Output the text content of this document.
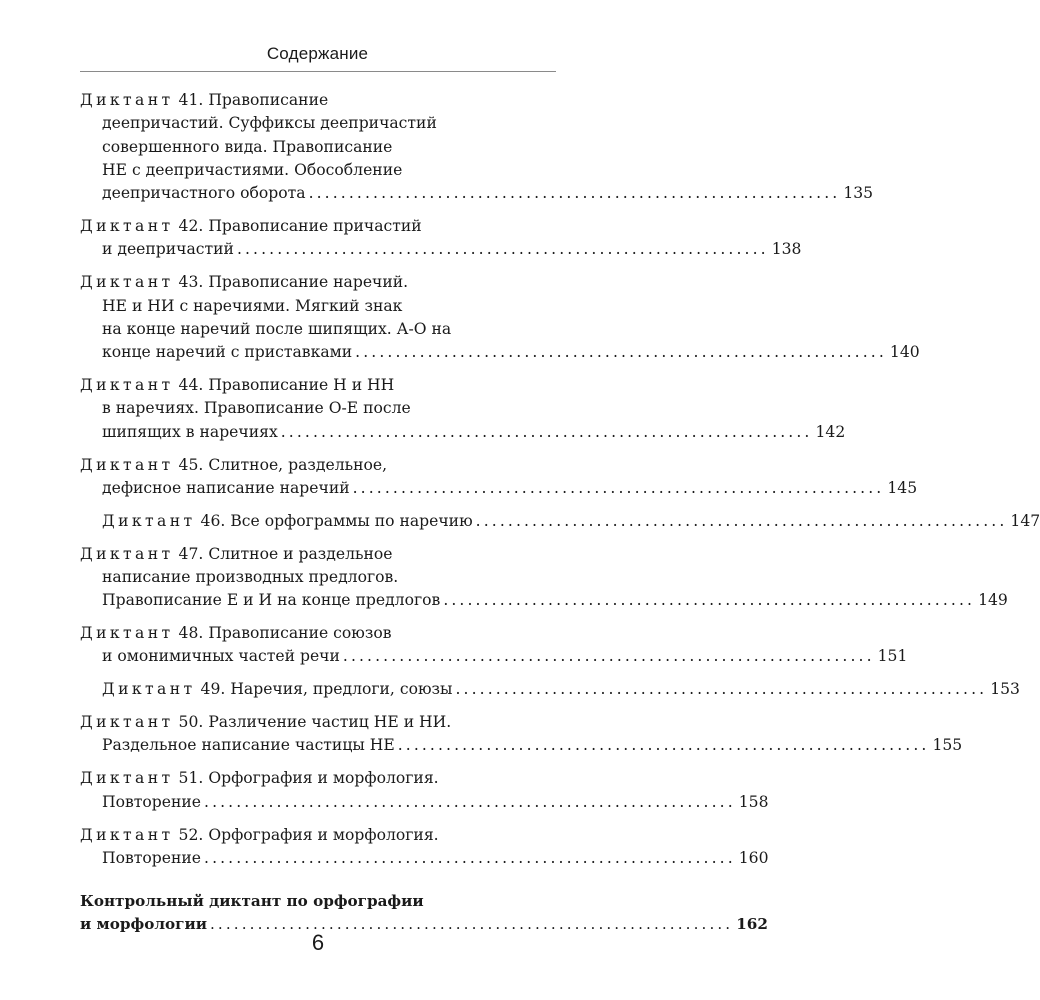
Содержание
Диктант 41. Правописание
деепричастий. Суффиксы деепричастий
совершенного вида. Правописание
НЕ с деепричастиями. Обособление
деепричастного оборота .................................................................. 135
Диктант 42. Правописание причастий
и деепричастий .................................................................. 138
Диктант 43. Правописание наречий.
НЕ и НИ с наречиями. Мягкий знак
на конце наречий после шипящих. А-О на
конце наречий с приставками .................................................................. 140
Диктант 44. Правописание Н и НН
в наречиях. Правописание О-Е после
шипящих в наречиях .................................................................. 142
Диктант 45. Слитное, раздельное,
дефисное написание наречий .................................................................. 145
Диктант
46.
Все орфограммы по наречию .................................................................. 147
Диктант 47. Слитное и раздельное
написание производных предлогов.
Правописание Е и И на конце предлогов .................................................................. 149
Диктант 48. Правописание союзов
и омонимичных частей речи .................................................................. 151
Диктант
49.
Наречия, предлоги, союзы .................................................................. 153
Диктант 50. Различение частиц НЕ и НИ.
Раздельное написание частицы НЕ .................................................................. 155
Диктант 51. Орфография и морфология.
Повторение .................................................................. 158
Диктант 52. Орфография и морфология.
Повторение .................................................................. 160
Контрольный диктант по орфографии
и морфологии .................................................................. 162
6
